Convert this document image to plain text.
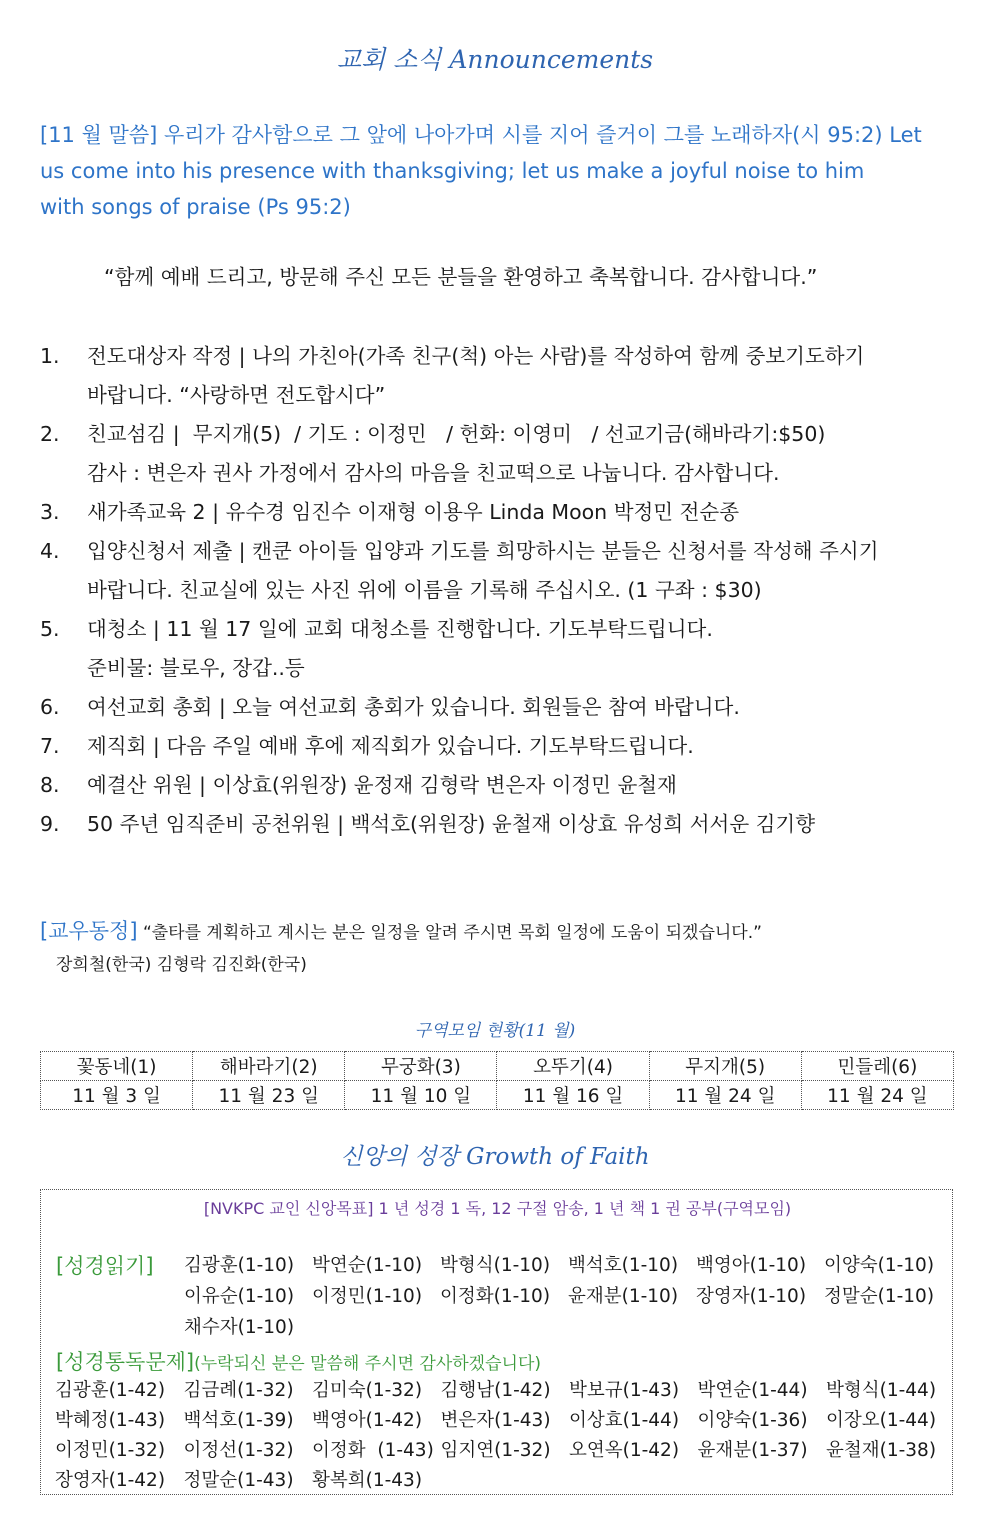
교회 소식 Announcements
[11 월 말씀] 우리가 감사함으로 그 앞에 나아가며 시를 지어 즐거이 그를 노래하자(시 95:2) Let
us come into his presence with thanksgiving; let us make a joyful noise to him
with songs of praise (Ps 95:2)
“함께 예배 드리고, 방문해 주신 모든 분들을 환영하고 축복합니다. 감사합니다.”
1. 전도대상자 작정 | 나의 가친아(가족 친구(척) 아는 사람)를 작성하여 함께 중보기도하기
바랍니다. “사랑하면 전도합시다”
2. 친교섬김 |  무지개(5)  / 기도 : 이정민   / 헌화: 이영미   / 선교기금(해바라기:$50)
감사 : 변은자 권사 가정에서 감사의 마음을 친교떡으로 나눕니다. 감사합니다.
3. 새가족교육 2 | 유수경 임진수 이재형 이용우 Linda Moon 박정민 전순종
4. 입양신청서 제출 | 캔쿤 아이들 입양과 기도를 희망하시는 분들은 신청서를 작성해 주시기
바랍니다. 친교실에 있는 사진 위에 이름을 기록해 주십시오. (1 구좌 : $30)
5. 대청소 | 11 월 17 일에 교회 대청소를 진행합니다. 기도부탁드립니다.
준비물: 블로우, 장갑..등
6. 여선교회 총회 | 오늘 여선교회 총회가 있습니다. 회원들은 참여 바랍니다.
7. 제직회 | 다음 주일 예배 후에 제직회가 있습니다. 기도부탁드립니다.
8. 예결산 위원 | 이상효(위원장) 윤정재 김형락 변은자 이정민 윤철재
9. 50 주년 임직준비 공천위원 | 백석호(위원장) 윤철재 이상효 유성희 서서운 김기향
[교우동정] “출타를 계획하고 계시는 분은 일정을 알려 주시면 목회 일정에 도움이 되겠습니다.”
장희철(한국) 김형락 김진화(한국)
구역모임 현황(11 월)
꽃동네(1)	해바라기(2)	무궁화(3)	오뚜기(4)	무지개(5)	민들레(6)
11 월 3 일	11 월 23 일	11 월 10 일	11 월 16 일	11 월 24 일	11 월 24 일
신앙의 성장 Growth of Faith
[NVKPC 교인 신앙목표] 1 년 성경 1 독, 12 구절 암송, 1 년 책 1 권 공부(구역모임)
[성경읽기] 김광훈(1-10) 박연순(1-10) 박형식(1-10) 백석호(1-10) 백영아(1-10) 이양숙(1-10)
이유순(1-10) 이정민(1-10) 이정화(1-10) 윤재분(1-10) 장영자(1-10) 정말순(1-10)
채수자(1-10)
[성경통독문제](누락되신 분은 말씀해 주시면 감사하겠습니다)
김광훈(1-42) 김금례(1-32) 김미숙(1-32) 김행남(1-42) 박보규(1-43) 박연순(1-44) 박형식(1-44)
박혜정(1-43) 백석호(1-39) 백영아(1-42) 변은자(1-43) 이상효(1-44) 이양숙(1-36) 이장오(1-44)
이정민(1-32) 이정선(1-32) 이정화  (1-43) 임지연(1-32) 오연옥(1-42) 윤재분(1-37) 윤철재(1-38)
장영자(1-42) 정말순(1-43) 황복희(1-43)
